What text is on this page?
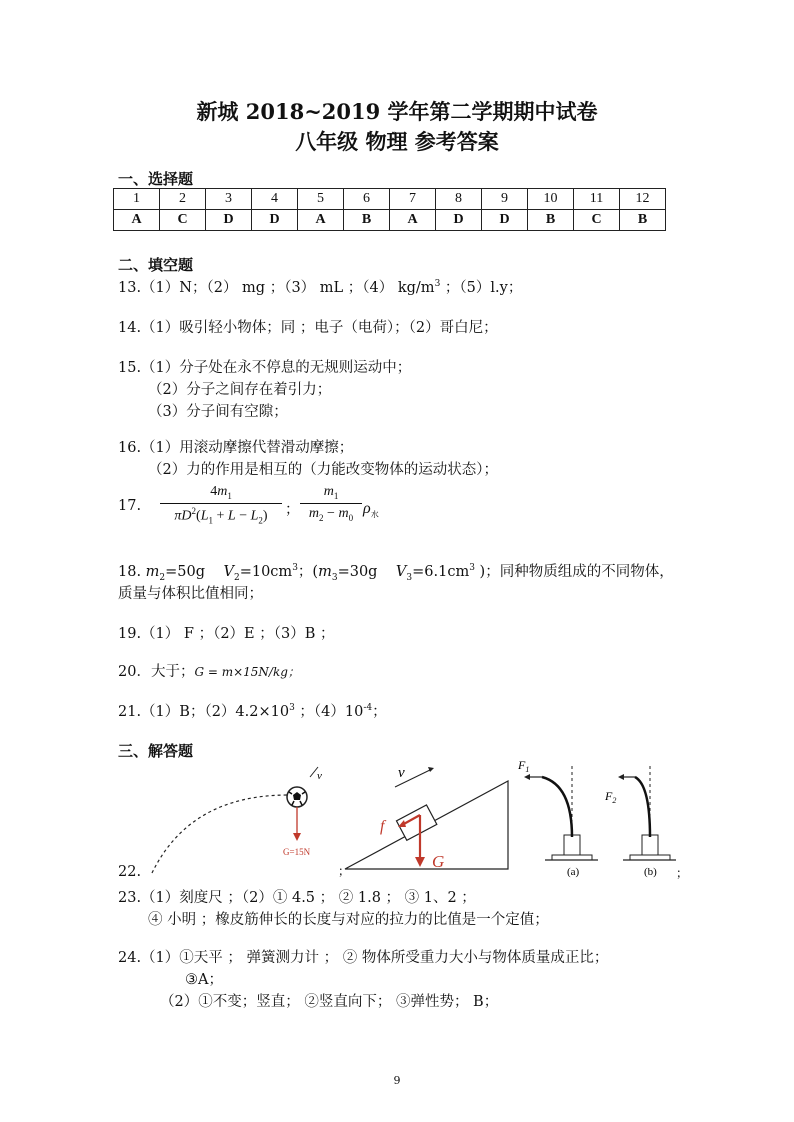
新城 2018~2019 学年第二学期期中试卷
八年级 物理 参考答案
一、选择题
1	2	3	4	5	6	7	8	9	10	11	12
A	C	D	D	A	B	A	D	D	B	C	B
二、填空题
13.（1）N；（2） mg ；（3） mL ；（4） $kg/m^3$ ；（5）l.y；
14.（1）吸引轻小物体；同 ；电子（电荷）；（2）哥白尼；
15.（1）分子处在永不停息的无规则运动中；
（2）分子之间存在着引力；
（3）分子间有空隙；
16.（1）用滚动摩擦代替滑动摩擦；
（2）力的作用是相互的（力能改变物体的运动状态）；
17.
$4m_1$
$\pi D^2(L_1 + L - L_2)$	；
$m_1$
$m_2 - m_0$
$\rho_水$
18. $m_2=50g$ $V_2=10cm^3$；($m_3=30g$ $V_3=6.1cm^3$ )；同种物质组成的不同物体，
质量与体积比值相同；
19.（1） F ；（2）E ；（3）B ；
20．大于；G = m×15N/kg；
21.（1）B；$(2)4.2\times 10^3$ ；$(4)10^{-4}$；
三、解答题
22.
v
G=15N
；
v
f
G
$F_1$
(a)
$F_2$
(b) ；
23.（1）刻度尺 ；（2）① 4.5 ； ② 1.8 ； ③ 1、2 ；
④ 小明 ；橡皮筋伸长的长度与对应的拉力的比值是一个定值；
24.（1）①天平 ； 弹簧测力计 ； ② 物体所受重力大小与物体质量成正比；
③A；
（2）①不变；竖直； ②竖直向下； ③弹性势； B；
9
